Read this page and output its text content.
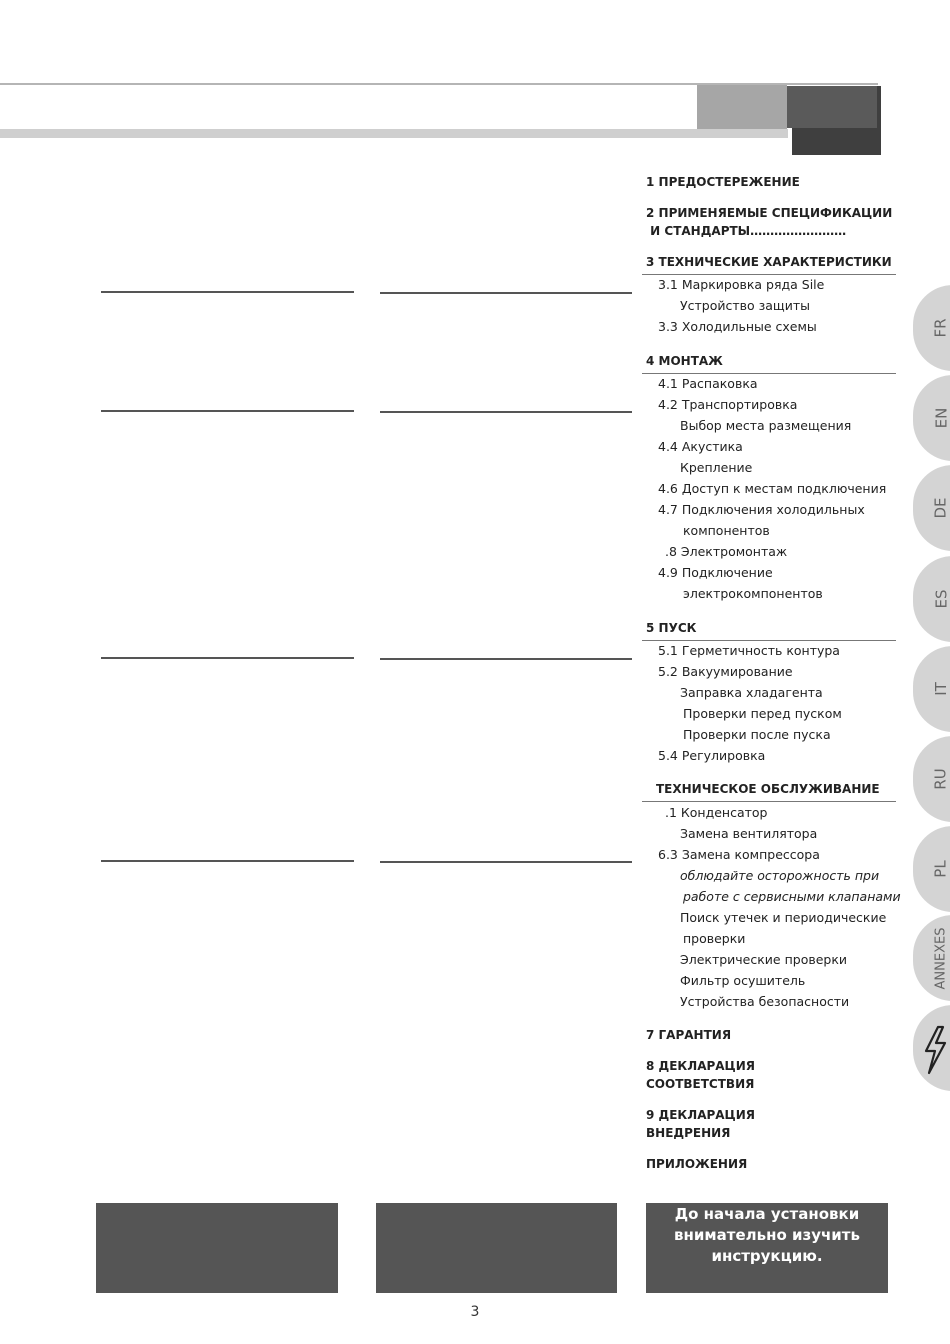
1 ПРЕДОСТЕРЕЖЕНИЕ
2 ПРИМЕНЯЕМЫЕ СПЕЦИФИКАЦИИ
И СТАНДАРТЫ……………………
3 ТЕХНИЧЕСКИЕ ХАРАКТЕРИСТИКИ
3.1 Маркировка ряда Sile
Устройство защиты
3.3 Холодильные схемы
4 МОНТАЖ
4.1 Распаковка
4.2 Транспортировка
Выбор места размещения
4.4 Акустика
Крепление
4.6 Доступ к местам подключения
4.7 Подключения холодильных
компонентов
.8 Электромонтаж
4.9 Подключение
электрокомпонентов
5 ПУСК
5.1 Герметичность контура
5.2 Вакуумирование
Заправка хладагента
Проверки перед пуском
Проверки после пуска
5.4 Регулировка
ТЕХНИЧЕСКОЕ ОБСЛУЖИВАНИЕ
.1 Конденсатор
Замена вентилятора
6.3 Замена компрессора
облюдайте осторожность при
работе с сервисными клапанами
Поиск утечек и периодические
проверки
Электрические проверки
Фильтр осушитель
Устройства безопасности
7 ГАРАНТИЯ
8 ДЕКЛАРАЦИЯ
СООТВЕТСТВИЯ
9 ДЕКЛАРАЦИЯ
ВНЕДРЕНИЯ
ПРИЛОЖЕНИЯ
FR
EN
DE
ES
IT
RU
PL
ANNEXES
До начала установки
внимательно изучить
инструкцию.
3
